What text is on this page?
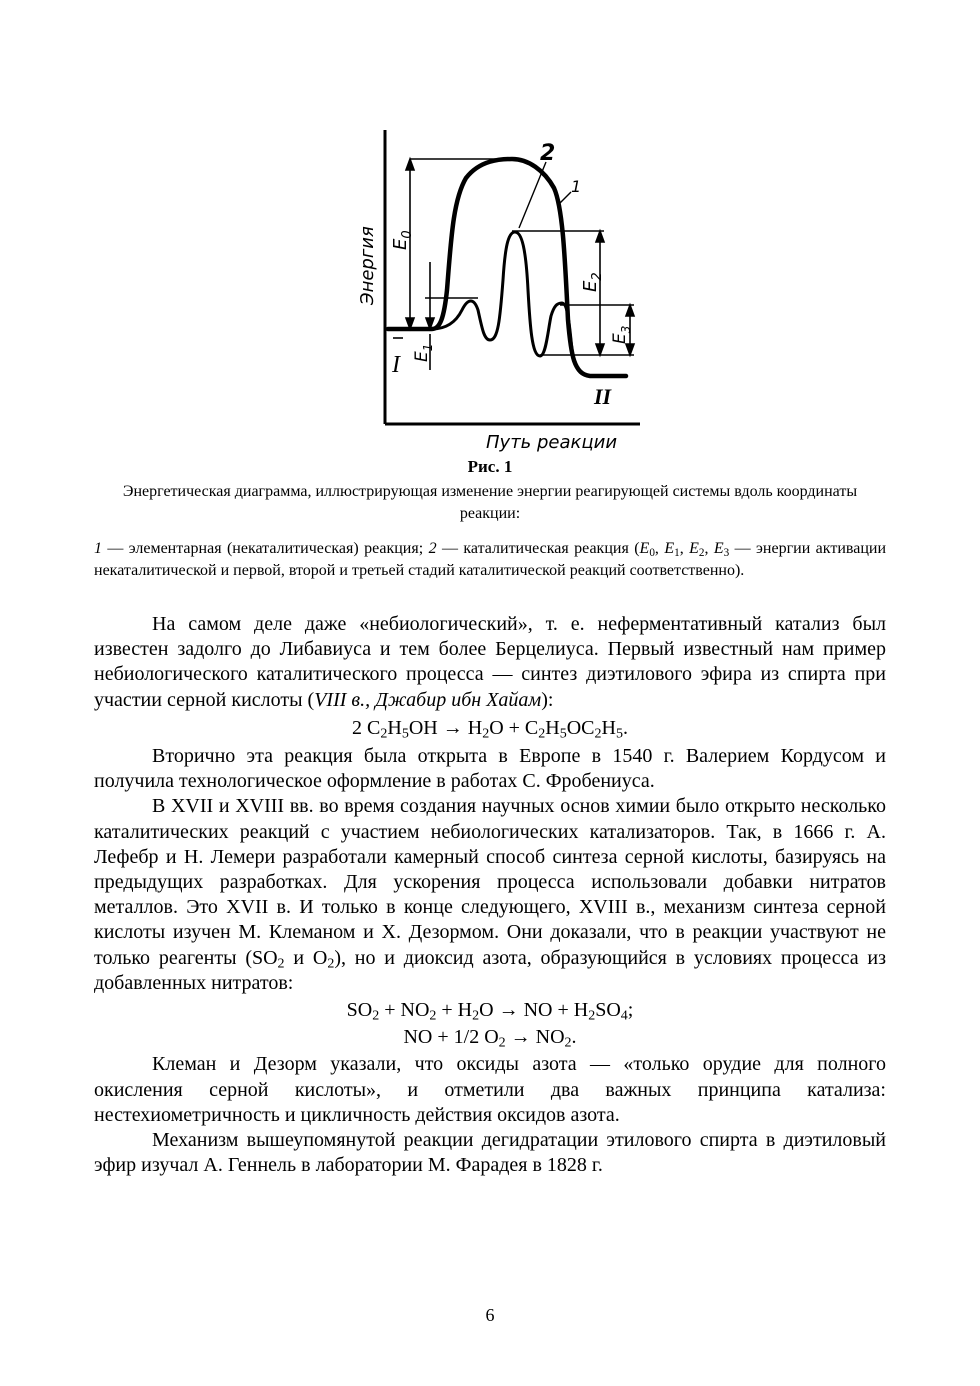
2
1
I
II
Энергия $E_0$
$E_1$
$E_2$
$E_3$
Путь реакции
Рис. 1
Энергетическая диаграмма, иллюстрирующая изменение энергии реагирующей системы вдоль координаты реакции:
1 — элементарная (некаталитическая) реакция; 2 — каталитическая реакция ($E_0$, $E_1$, $E_2$, $E_3$ — энергии активации некаталитической и первой, второй и третьей стадий каталитической реакций соответственно).

На самом деле даже «небиологический», т. е. неферментативный катализ был известен задолго до Либавиуса и тем более Берцелиуса. Первый известный нам пример небиологического каталитического процесса — синтез диэтилового эфира из спирта при участии серной кислоты (VIII в., Джабир ибн Хайам):

2 $C_2H_5OH \to H_2O + C_2H_5OC_2H_5$.

Вторично эта реакция была открыта в Европе в 1540 г. Валерием Кордусом и получила технологическое оформление в работах С. Фробениуса.

В XVII и XVIII вв. во время создания научных основ химии было открыто несколько каталитических реакций с участием небиологических катализаторов. Так, в 1666 г. А. Лефебр и Н. Лемери разработали камерный способ синтеза серной кислоты, базируясь на предыдущих разработках. Для ускорения процесса использовали добавки нитратов металлов. Это XVII в. И только в конце следующего, XVIII в., механизм синтеза серной кислоты изучен М. Клеманом и Х. Дезормом. Они доказали, что в реакции участвуют не только реагенты ($SO_2$ и $O_2$), но и диоксид азота, образующийся в условиях процесса из добавленных нитратов:

$SO_2 + NO_2 + H_2O$ → NO + $H_2SO_4$;

NO + 1/2 $O_2 \to NO_2$.

Клеман и Дезорм указали, что оксиды азота — «только орудие для полного окисления серной кислоты», и отметили два важных принципа катализа: нестехиометричность и цикличность действия оксидов азота.

Механизм вышеупомянутой реакции дегидратации этилового спирта в диэтиловый эфир изучал А. Геннель в лаборатории М. Фарадея в 1828 г.

6
